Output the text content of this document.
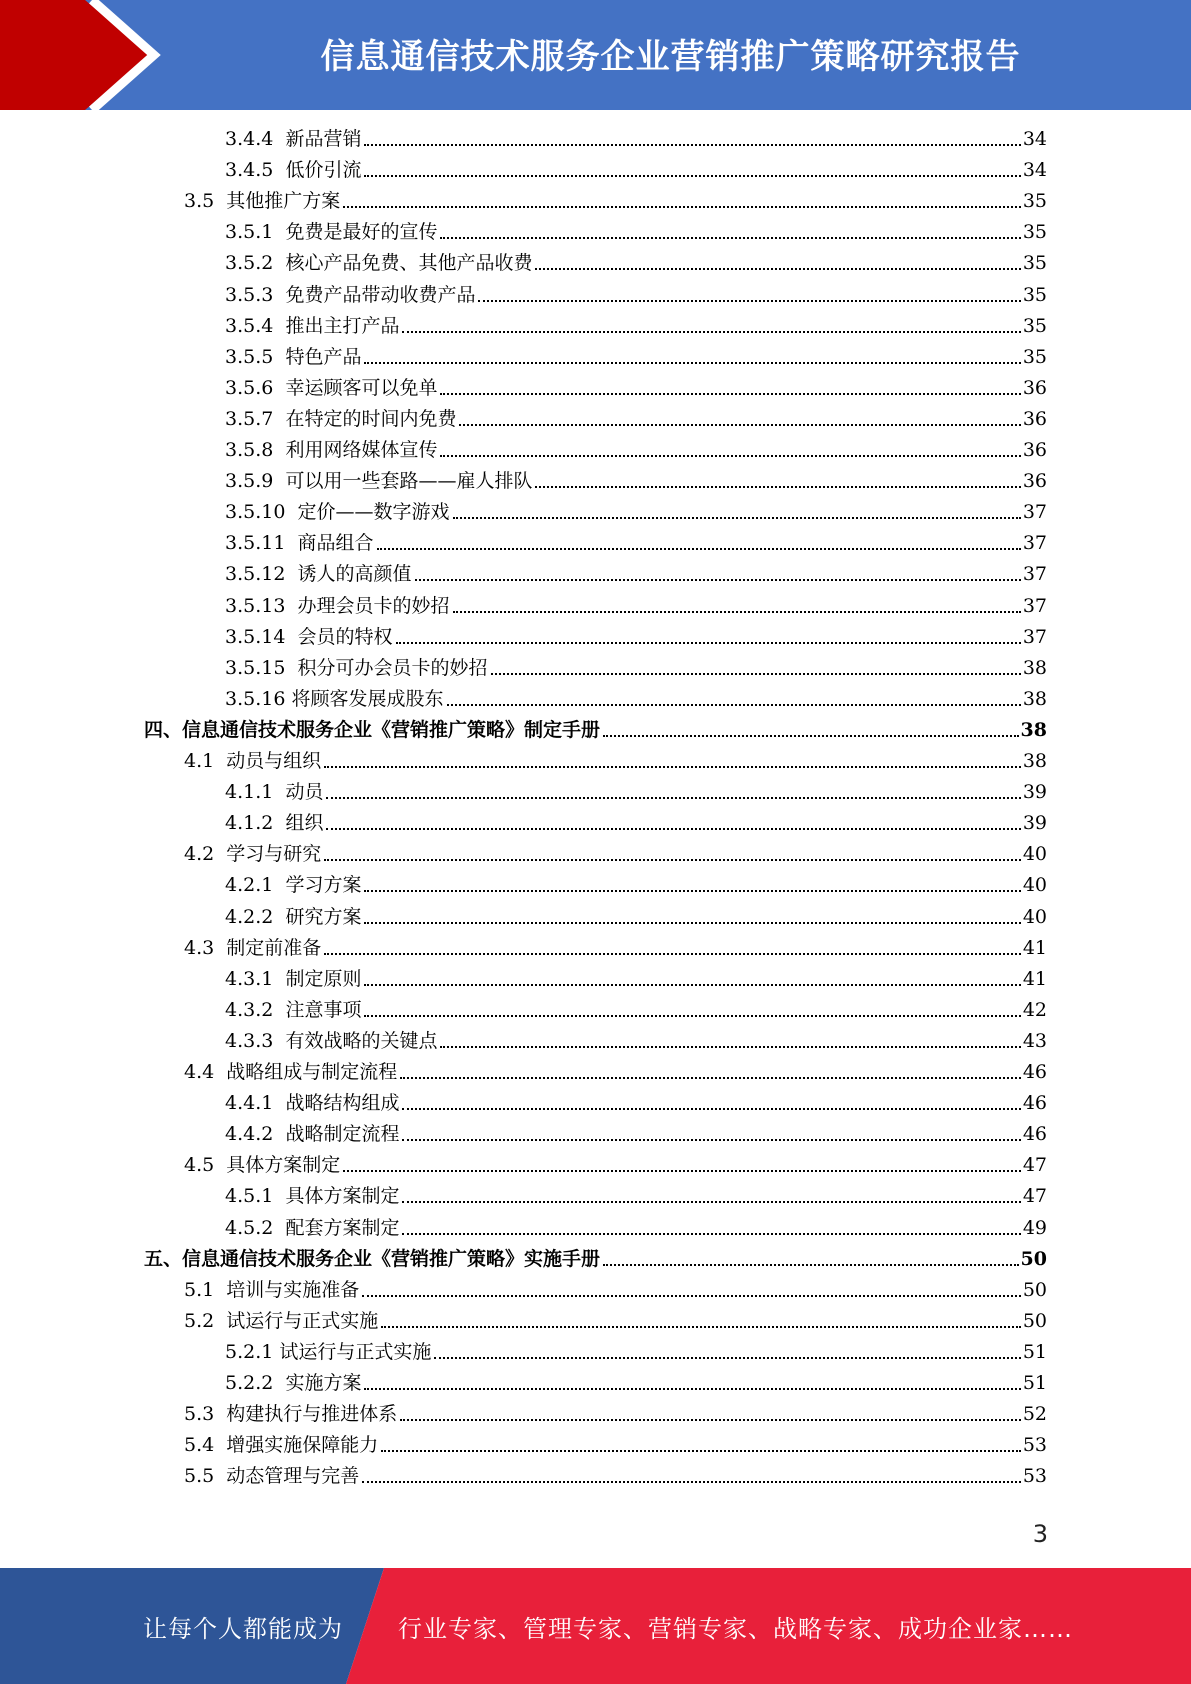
信息通信技术服务企业营销推广策略研究报告
3.4.4 新品营销	34
3.4.5 低价引流	34
3.5 其他推广方案	35
3.5.1 免费是最好的宣传	35
3.5.2 核心产品免费、其他产品收费	35
3.5.3 免费产品带动收费产品	35
3.5.4 推出主打产品	35
3.5.5 特色产品	35
3.5.6 幸运顾客可以免单	36
3.5.7 在特定的时间内免费	36
3.5.8 利用网络媒体宣传	36
3.5.9 可以用一些套路——雇人排队	36
3.5.10 定价——数字游戏	37
3.5.11 商品组合	37
3.5.12 诱人的高颜值	37
3.5.13 办理会员卡的妙招	37
3.5.14 会员的特权	37
3.5.15 积分可办会员卡的妙招	38
3.5.16 将顾客发展成股东	38
四、信息通信技术服务企业《营销推广策略》制定手册	38
4.1 动员与组织	38
4.1.1 动员	39
4.1.2 组织	39
4.2 学习与研究	40
4.2.1 学习方案	40
4.2.2 研究方案	40
4.3 制定前准备	41
4.3.1 制定原则	41
4.3.2 注意事项	42
4.3.3 有效战略的关键点	43
4.4 战略组成与制定流程	46
4.4.1 战略结构组成	46
4.4.2 战略制定流程	46
4.5 具体方案制定	47
4.5.1 具体方案制定	47
4.5.2 配套方案制定	49
五、信息通信技术服务企业《营销推广策略》实施手册	50
5.1 培训与实施准备	50
5.2 试运行与正式实施	50
5.2.1 试运行与正式实施	51
5.2.2 实施方案	51
5.3 构建执行与推进体系	52
5.4 增强实施保障能力	53
5.5 动态管理与完善	53
3
让每个人都能成为 行业专家、管理专家、营销专家、战略专家、成功企业家……
